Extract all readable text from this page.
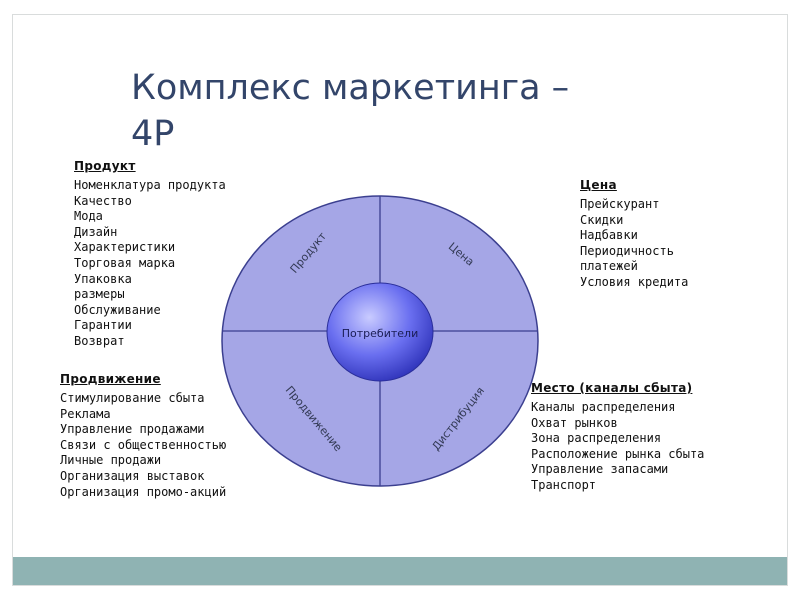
Комплекс маркетинга –
4P
Продукт
Номенклатура продукта
Качество
Мода
Дизайн
Характеристики
Торговая марка
Упаковка
размеры
Обслуживание
Гарантии
Возврат
Цена
Прейскурант
Скидки
Надбавки
Периодичность
платежей
Условия кредита
Продвижение
Стимулирование сбыта
Реклама
Управление продажами
Связи с общественностью
Личные продажи
Организация выставок
Организация промо-акций
Место (каналы сбыта)
Каналы распределения
Охват рынков
Зона распределения
Расположение рынка сбыта
Управление запасами
Транспорт
Потребители
Продукт	Цена
Продвижение	Дистрибуция
